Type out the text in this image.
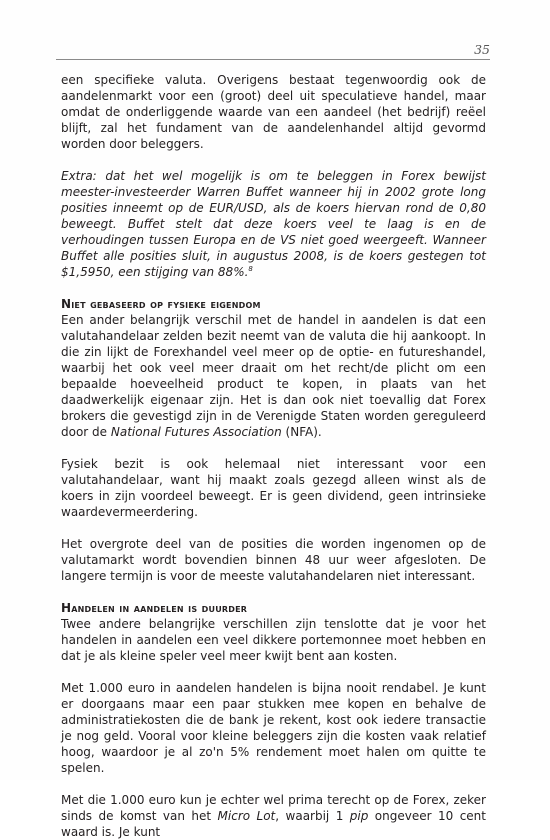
35

een specifieke valuta. Overigens bestaat tegenwoordig ook de aandelenmarkt voor een (groot) deel uit speculatieve handel, maar omdat de onderliggende waarde van een aandeel (het bedrijf) reëel blijft, zal het fundament van de aandelenhandel altijd gevormd worden door beleggers.

Extra: dat het wel mogelijk is om te beleggen in Forex bewijst meester-investeerder Warren Buffet wanneer hij in 2002 grote long posities inneemt op de EUR/USD, als de koers hiervan rond de 0,80 beweegt. Buffet stelt dat deze koers veel te laag is en de verhoudingen tussen Europa en de VS niet goed weergeeft. Wanneer Buffet alle posities sluit, in augustus 2008, is de koers gestegen tot $1,5950, een stijging van 88%.$^8$

Niet gebaseerd op fysieke eigendom

Een ander belangrijk verschil met de handel in aandelen is dat een valutahandelaar zelden bezit neemt van de valuta die hij aankoopt. In die zin lijkt de Forexhandel veel meer op de optie- en futureshandel, waarbij het ook veel meer draait om het recht/de plicht om een bepaalde hoeveelheid product te kopen, in plaats van het daadwerkelijk eigenaar zijn. Het is dan ook niet toevallig dat Forex brokers die gevestigd zijn in de Verenigde Staten worden gereguleerd door de National Futures Association (NFA).

Fysiek bezit is ook helemaal niet interessant voor een valutahandelaar, want hij maakt zoals gezegd alleen winst als de koers in zijn voordeel beweegt. Er is geen dividend, geen intrinsieke waardevermeerdering.

Het overgrote deel van de posities die worden ingenomen op de valutamarkt wordt bovendien binnen 48 uur weer afgesloten. De langere termijn is voor de meeste valutahandelaren niet interessant.

Handelen in aandelen is duurder

Twee andere belangrijke verschillen zijn tenslotte dat je voor het handelen in aandelen een veel dikkere portemonnee moet hebben en dat je als kleine speler veel meer kwijt bent aan kosten.

Met 1.000 euro in aandelen handelen is bijna nooit rendabel. Je kunt er doorgaans maar een paar stukken mee kopen en behalve de administratiekosten die de bank je rekent, kost ook iedere transactie je nog geld. Vooral voor kleine beleggers zijn die kosten vaak relatief hoog, waardoor je al zo'n 5% rendement moet halen om quitte te spelen.

Met die 1.000 euro kun je echter wel prima terecht op de Forex, zeker sinds de komst van het Micro Lot, waarbij 1 pip ongeveer 10 cent waard is. Je kunt
